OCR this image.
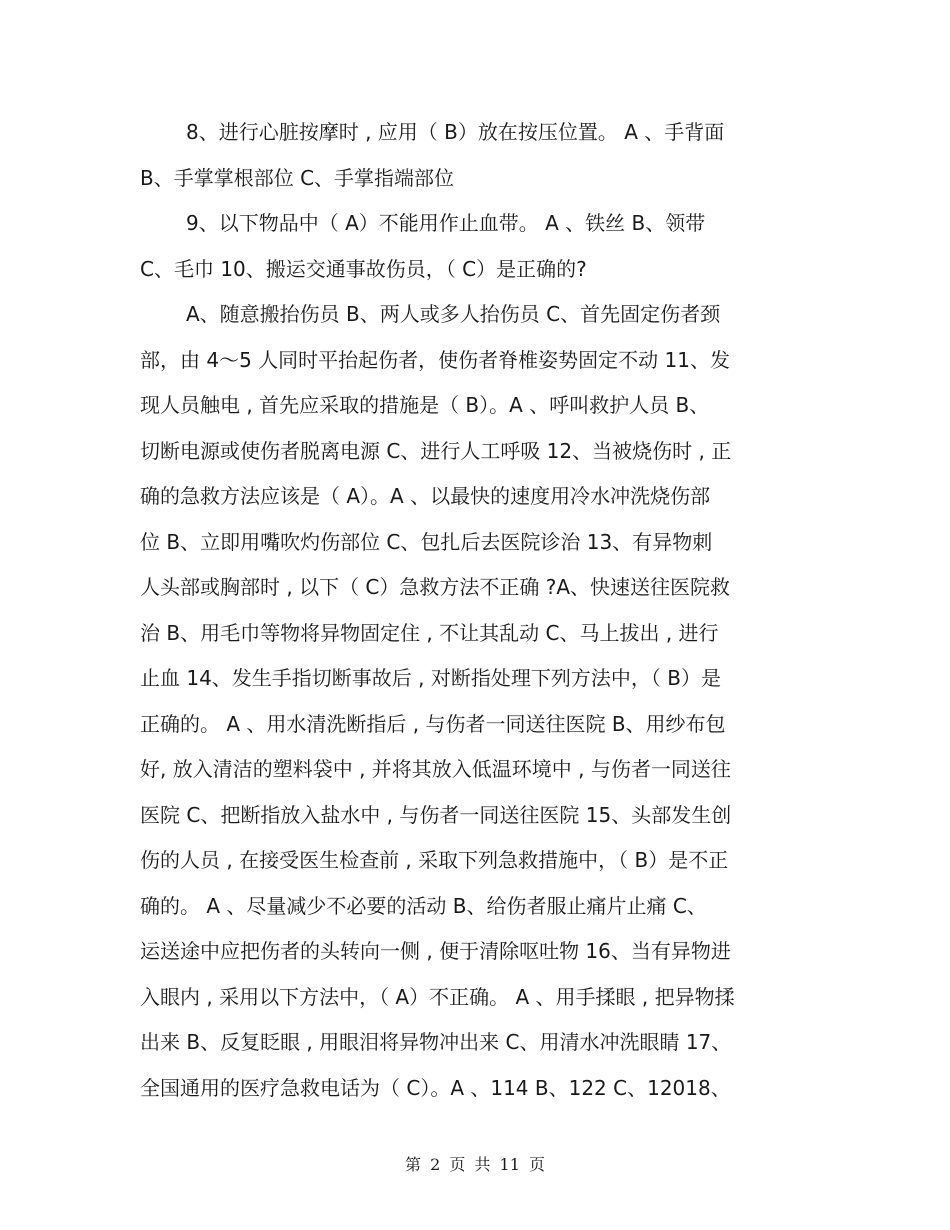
8、进行心脏按摩时 , 应用（ B）放在按压位置。 A 、手背面
B、手掌掌根部位 C、手掌指端部位
9、以下物品中（ A）不能用作止血带。 A 、铁丝 B、领带
C、毛巾 10、搬运交通事故伤员，（ C）是正确的?
A、随意搬抬伤员 B、两人或多人抬伤员 C、首先固定伤者颈
部，由 4～5 人同时平抬起伤者，使伤者脊椎姿势固定不动 11、发
现人员触电 , 首先应采取的措施是（ B）。A 、呼叫救护人员 B、
切断电源或使伤者脱离电源 C、进行人工呼吸 12、当被烧伤时 , 正
确的急救方法应该是（ A）。A 、以最快的速度用冷水冲洗烧伤部
位 B、立即用嘴吹灼伤部位 C、包扎后去医院诊治 13、有异物刺
人头部或胸部时 , 以下（ C）急救方法不正确 ?A、快速送往医院救
治 B、用毛巾等物将异物固定住 , 不让其乱动 C、马上拔出 , 进行
止血 14、发生手指切断事故后 , 对断指处理下列方法中，（ B）是
正确的。 A 、用水清洗断指后 , 与伤者一同送往医院 B、用纱布包
好, 放入清洁的塑料袋中 , 并将其放入低温环境中 , 与伤者一同送往
医院 C、把断指放入盐水中 , 与伤者一同送往医院 15、头部发生创
伤的人员 , 在接受医生检查前 , 采取下列急救措施中，（ B）是不正
确的。 A 、尽量减少不必要的活动 B、给伤者服止痛片止痛 C、
运送途中应把伤者的头转向一侧 , 便于清除呕吐物 16、当有异物进
入眼内 , 采用以下方法中，（ A）不正确。 A 、用手揉眼 , 把异物揉
出来 B、反复眨眼 , 用眼泪将异物冲出来 C、用清水冲洗眼睛 17、
全国通用的医疗急救电话为（ C）。A 、114 B、122 C、12018、
第 2 页 共 11 页
